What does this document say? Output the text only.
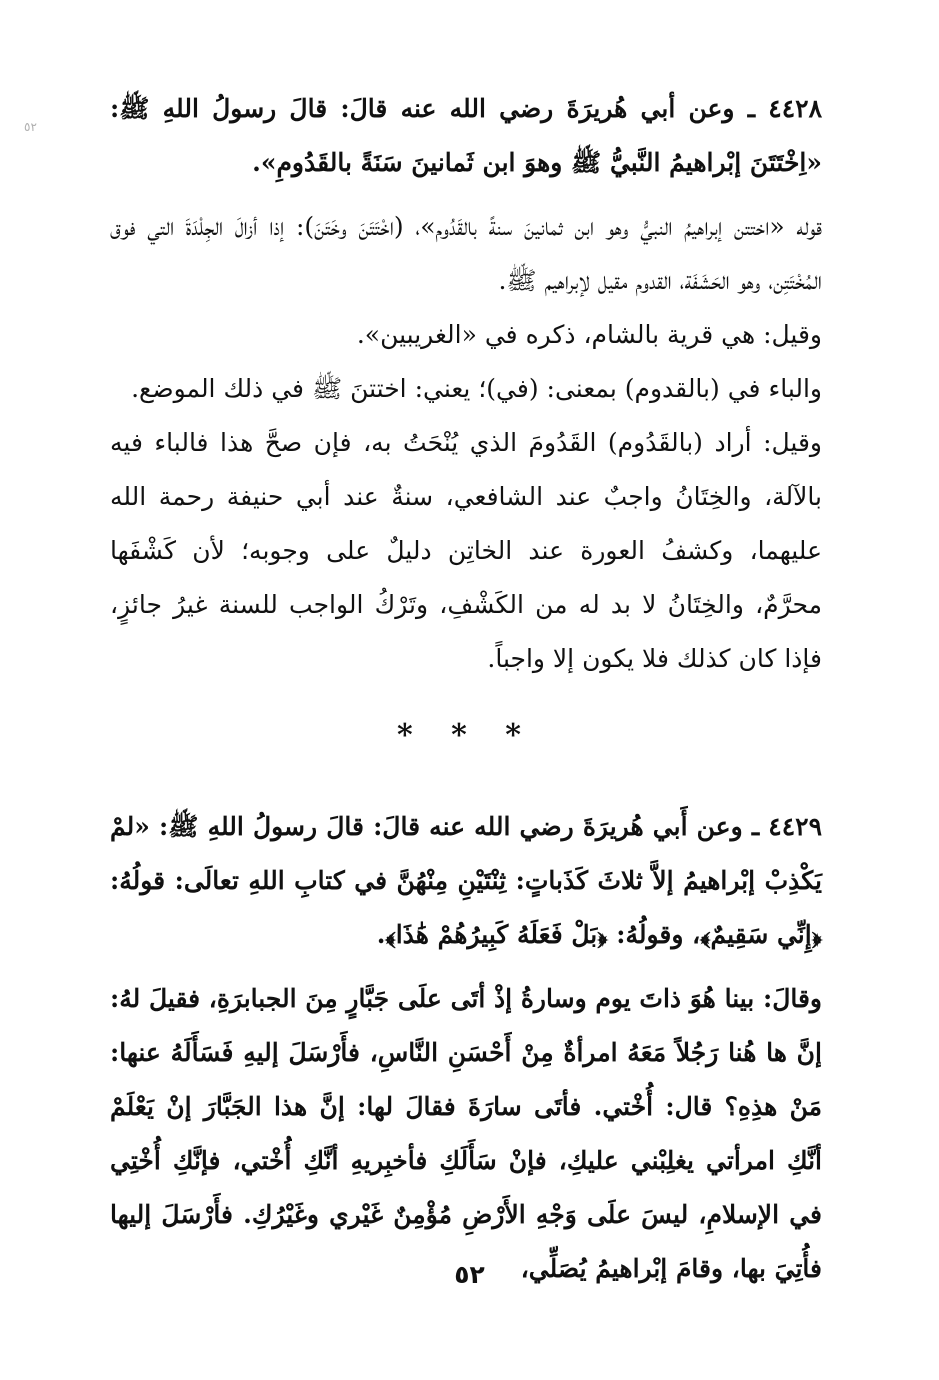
٥٢

٤٤٢٨ ـ وعن أبي هُريرَةَ رضي الله عنه قالَ: قالَ رسولُ اللهِ ﷺ: «اِخْتَتَنَ إبْراهيمُ النَّبيُّ ﷺ وهوَ ابن ثَمانينَ سَنَةً بالقَدُومِ».

قوله «اختتن إبراهيمُ النبيُّ وهو ابن ثمانينَ سنةً بالقَدُوم»، (اخْتَتَنَ وخَتَنَ): إذا أزالَ الجِلْدَةَ التي فوق المُخْتَتِن، وهو الحَشَفَة، القدوم مقيل لإبراهيم ﷺ.

وقيل: هي قرية بالشام، ذكره في «الغريبين».

والباء في (بالقدوم) بمعنى: (في)؛ يعني: اختتنَ ﷺ في ذلك الموضع.

وقيل: أراد (بالقَدُوم) القَدُومَ الذي يُنْحَتُ به، فإن صحَّ هذا فالباء فيه بالآلة، والخِتَانُ واجبٌ عند الشافعي، سنةٌ عند أبي حنيفة رحمة الله عليهما، وكشفُ العورة عند الخاتِن دليلٌ على وجوبه؛ لأن كَشْفَها محرَّمٌ، والخِتَانُ لا بد له من الكَشْفِ، وتَرْكُ الواجب للسنة غيرُ جائزٍ، فإذا كان كذلك فلا يكون إلا واجباً.

* * *

٤٤٢٩ ـ وعن أَبي هُريرَةَ رضي الله عنه قالَ: قالَ رسولُ اللهِ ﷺ: «لمْ يَكْذِبْ إبْراهيمُ إلاَّ ثلاثَ كَذَباتٍ: ثِنْتَيْنِ مِنْهُنَّ في كتابِ اللهِ تعالَى: قولُهُ: ﴿إِنِّي سَقِيمٌ﴾، وقولُهُ: ﴿بَلْ فَعَلَهُ كَبِيرُهُمْ هَٰذَا﴾.

وقالَ: بينا هُوَ ذاتَ يوم وسارةُ إذْ أتَى علَى جَبَّارٍ مِنَ الجبابرَةِ، فقيلَ لهُ: إنَّ ها هُنا رَجُلاً مَعَهُ امرأةٌ مِنْ أَحْسَنِ النَّاسِ، فأَرْسَلَ إليهِ فَسَأَلَهُ عنها: مَنْ هذِهِ؟ قال: أُخْتي. فأتَى سارَةَ فقالَ لها: إنَّ هذا الجَبَّارَ إنْ يَعْلَمْ أنَّكِ امرأتي يغلِبْني عليكِ، فإنْ سَأَلَكِ فأخبِريهِ أنَّكِ أُخْتي، فإنَّكِ أُخْتِي في الإسلامِ، ليسَ علَى وَجْهِ الأَرْضِ مُؤْمِنٌ غَيْري وغَيْرُكِ. فأَرْسَلَ إليها فأُتِيَ بها، وقامَ إبْراهيمُ يُصَلِّي،

٥٢
